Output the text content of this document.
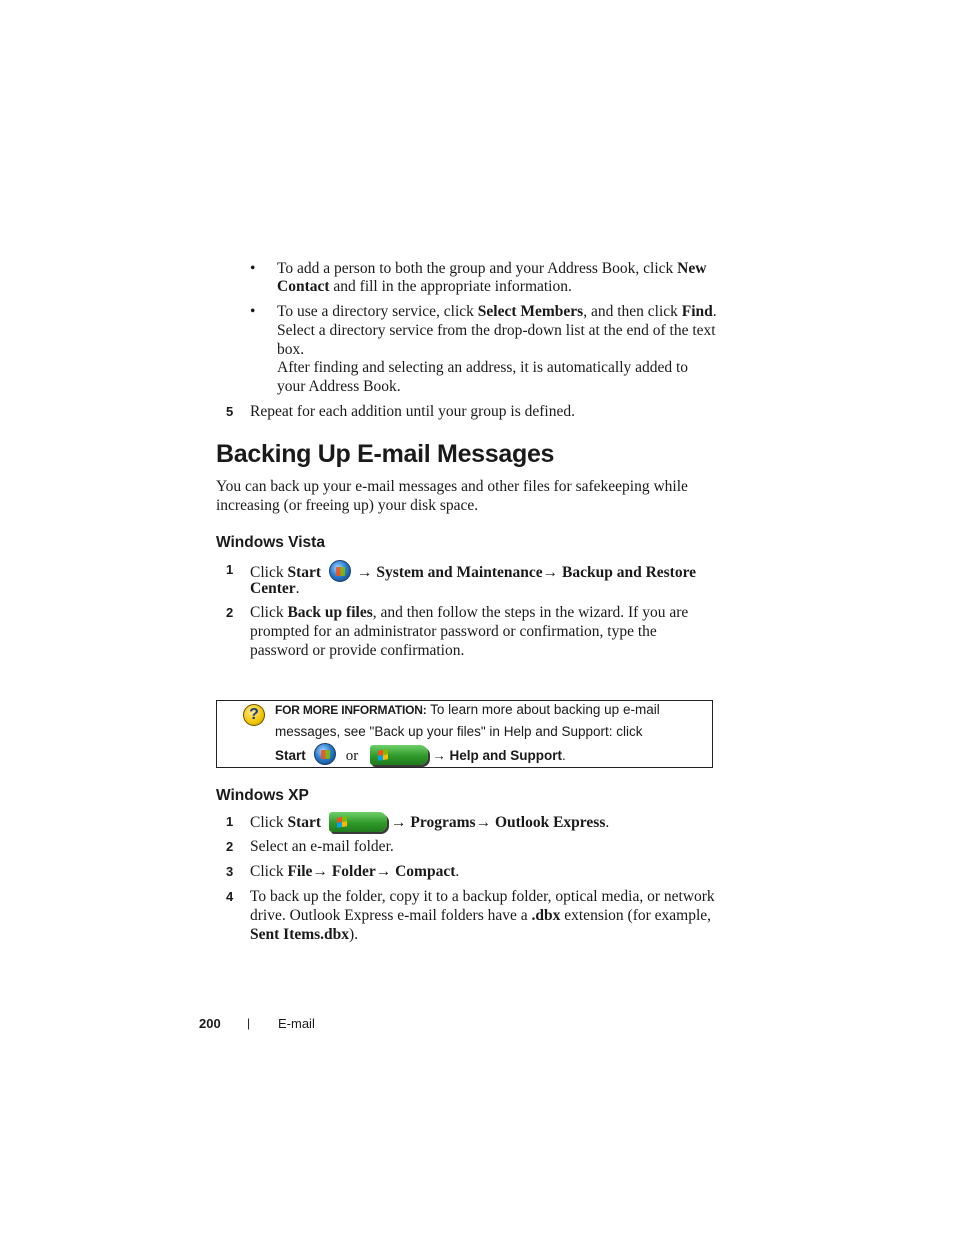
• To add a person to both the group and your Address Book, click New
Contact and fill in the appropriate information.
• To use a directory service, click Select Members, and then click Find.
Select a directory service from the drop-down list at the end of the text
box.
After finding and selecting an address, it is automatically added to
your Address Book.
5 Repeat for each addition until your group is defined.
Backing Up E-mail Messages
You can back up your e-mail messages and other files for safekeeping while
increasing (or freeing up) your disk space.
Windows Vista
1 Click Start → System and Maintenance→ Backup and Restore
Center.
2 Click Back up files, and then follow the steps in the wizard. If you are
prompted for an administrator password or confirmation, type the
password or provide confirmation.
?	FOR MORE INFORMATION: To learn more about backing up e-mail
messages, see "Back up your files" in Help and Support: click
Start	or	→ Help and Support.
Windows XP
1 Click Start	→ Programs→ Outlook Express.
2 Select an e-mail folder.
3 Click File→ Folder→ Compact.
4 To back up the folder, copy it to a backup folder, optical media, or network
drive. Outlook Express e-mail folders have a .dbx extension (for example,
Sent Items.dbx).
200 | E-mail
